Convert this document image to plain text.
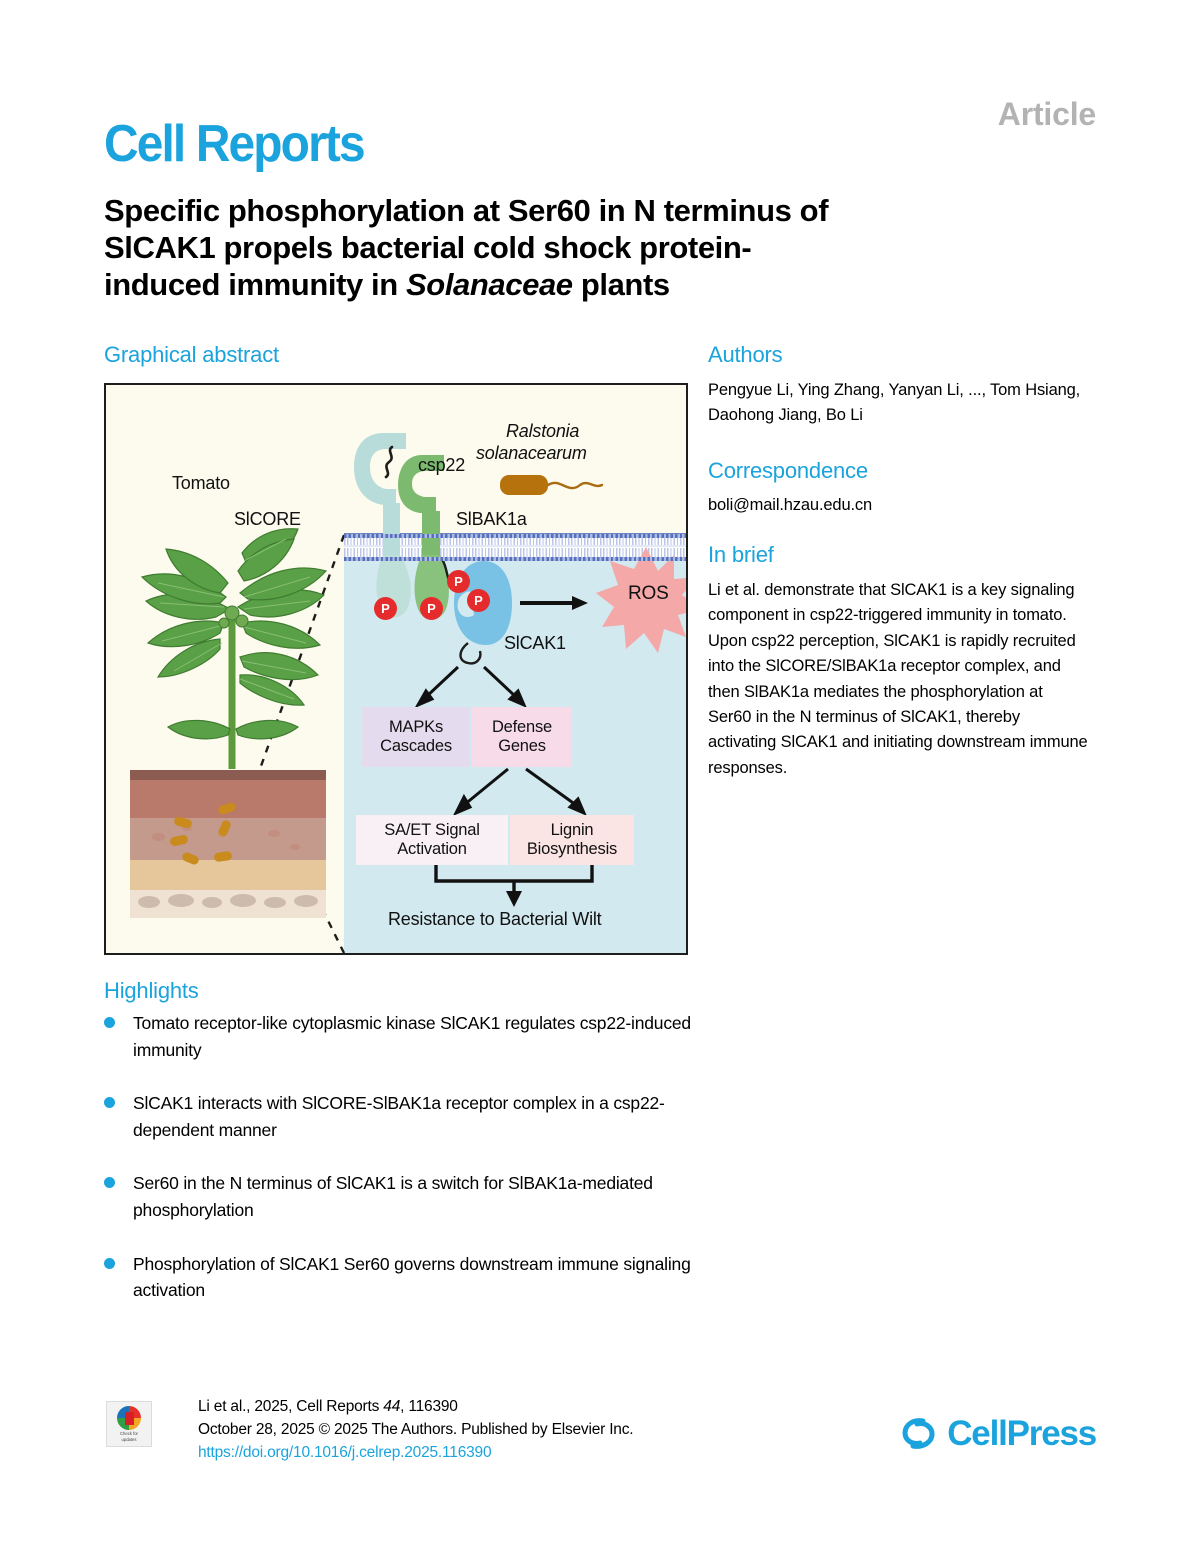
Article
Cell Reports
Specific phosphorylation at Ser60 in N terminus of
SlCAK1 propels bacterial cold shock protein-
induced immunity in Solanaceae plants
Graphical abstract	Authors
Correspondence
In brief
Highlights
Pengyue Li, Ying Zhang, Yanyan Li, ..., Tom Hsiang, Daohong Jiang, Bo Li
boli@mail.hzau.edu.cn
Li et al. demonstrate that SlCAK1 is a key signaling component in csp22-triggered immunity in tomato. Upon csp22 perception, SlCAK1 is rapidly recruited into the SlCORE/SlBAK1a receptor complex, and then SlBAK1a mediates the phosphorylation at Ser60 in the N terminus of SlCAK1, thereby activating SlCAK1 and initiating downstream immune responses.
Tomato
P	P
P
P
Ralstonia
solanacearum
csp22
SlCORE	SlBAK1a
SlCAK1
ROS
MAPKs
Cascades
Defense
Genes
SA/ET Signal
Activation
Lignin
Biosynthesis
Resistance to Bacterial Wilt
Tomato receptor-like cytoplasmic kinase SlCAK1 regulates csp22-induced immunity
SlCAK1 interacts with SlCORE-SlBAK1a receptor complex in a csp22-dependent manner
Ser60 in the N terminus of SlCAK1 is a switch for SlBAK1a-mediated phosphorylation
Phosphorylation of SlCAK1 Ser60 governs downstream immune signaling activation
Check for
updates
Li et al., 2025, Cell Reports 44, 116390
October 28, 2025 © 2025 The Authors. Published by Elsevier Inc.
https://doi.org/10.1016/j.celrep.2025.116390	CellPress
